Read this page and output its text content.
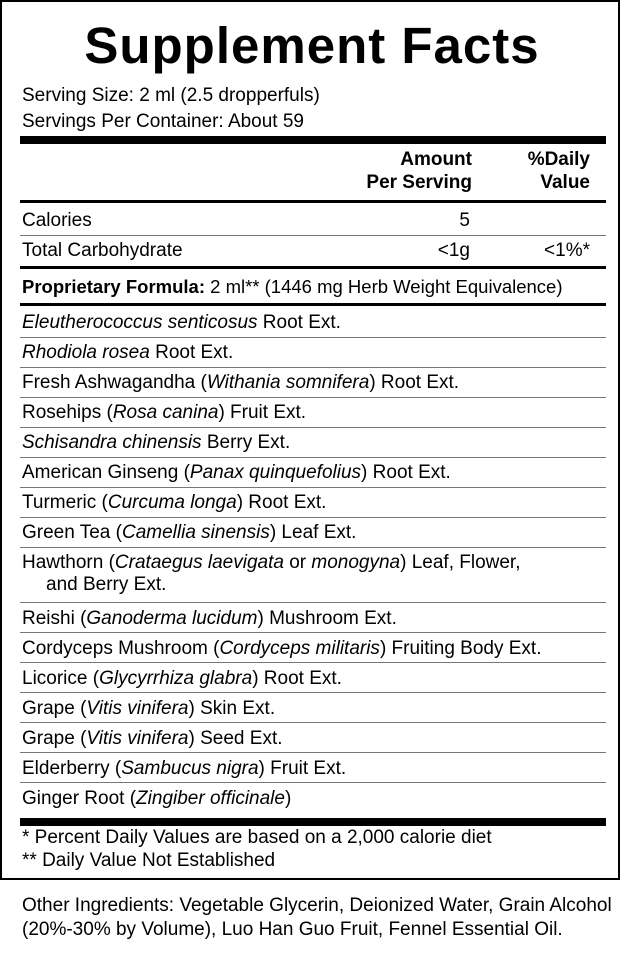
Supplement Facts
Serving Size: 2 ml (2.5 dropperfuls)
Servings Per Container: About 59
Amount
Per Serving
%Daily
Value
Calories	5
Total Carbohydrate	<1g	<1%*
Proprietary Formula: 2 ml** (1446 mg Herb Weight Equivalence)
Eleutherococcus senticosus Root Ext.
Rhodiola rosea Root Ext.
Fresh Ashwagandha (Withania somnifera) Root Ext.
Rosehips (Rosa canina) Fruit Ext.
Schisandra chinensis Berry Ext.
American Ginseng (Panax quinquefolius) Root Ext.
Turmeric (Curcuma longa) Root Ext.
Green Tea (Camellia sinensis) Leaf Ext.
Hawthorn (Crataegus laevigata or monogyna) Leaf, Flower,
and Berry Ext.
Reishi (Ganoderma lucidum) Mushroom Ext.
Cordyceps Mushroom (Cordyceps militaris) Fruiting Body Ext.
Licorice (Glycyrrhiza glabra) Root Ext.
Grape (Vitis vinifera) Skin Ext.
Grape (Vitis vinifera) Seed Ext.
Elderberry (Sambucus nigra) Fruit Ext.
Ginger Root (Zingiber officinale)
* Percent Daily Values are based on a 2,000 calorie diet
** Daily Value Not Established
Other Ingredients: Vegetable Glycerin, Deionized Water, Grain Alcohol (20%-30% by Volume), Luo Han Guo Fruit, Fennel Essential Oil.
